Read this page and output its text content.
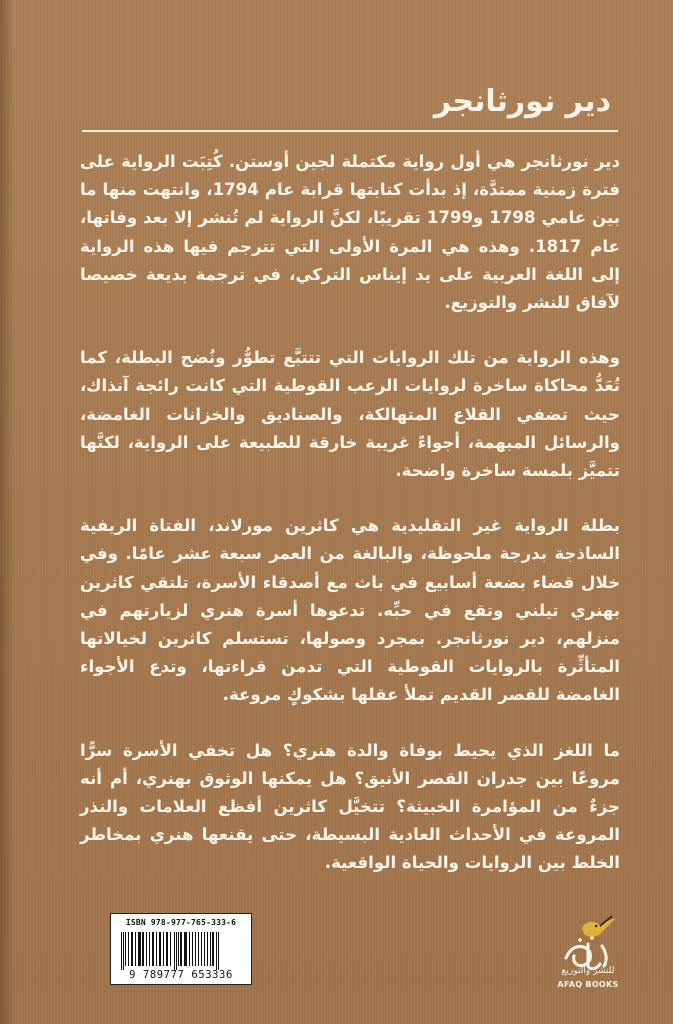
دير نورثانجر

دير نورثانجر هي أول رواية مكتملة لجين أوستن. كُتِبَت الرواية على فترة زمنية ممتدَّة، إذ بدأت كتابتها قرابة عام 1794، وانتهت منها ما بين عامي 1798 و1799 تقريبًا، لكنَّ الرواية لم تُنشر إلا بعد وفاتها، عام 1817. وهذه هي المرة الأولى التي تترجم فيها هذه الرواية إلى اللغة العربية على يد إيناس التركي، في ترجمة بديعة خصيصا لآفاق للنشر والتوزيع.

وهذه الرواية من تلك الروايات التي تتتبَّع تطوُّر ونُضج البطلة، كما تُعَدُّ محاكاة ساخرة لروايات الرعب القوطية التي كانت رائجة آنذاك، حيث تضفي القلاع المتهالكة، والصناديق والخزانات الغامضة، والرسائل المبهمة، أجواءً غريبة خارقة للطبيعة على الرواية، لكنَّها تتميَّز بلمسة ساخرة واضحة.

بطلة الرواية غير التقليدية هي كاثرين مورلاند، الفتاة الريفية الساذجة بدرجة ملحوظة، والبالغة من العمر سبعة عشر عامًا. وفي خلال قضاء بضعة أسابيع في باث مع أصدقاء الأسرة، تلتقي كاثرين بهنري تيلني وتقع في حبِّه. تدعوها أسرة هنري لزيارتهم في منزلهم، دير نورثانجر. بمجرد وصولها، تستسلم كاثرين لخيالاتها المتأثِّرة بالروايات القوطية التي تدمن قراءتها، وتدع الأجواء الغامضة للقصر القديم تملأ عقلها بشكوكٍ مروعة.

ما اللغز الذي يحيط بوفاة والدة هنري؟ هل تخفي الأسرة سرًّا مروعًا بين جدران القصر الأنيق؟ هل يمكنها الوثوق بهنري، أم أنه جزءٌ من المؤامرة الخبيثة؟ تتخيَّل كاثرين أفظع العلامات والنذر المروعة في الأحداث العادية البسيطة، حتى يقنعها هنري بمخاطر الخلط بين الروايات والحياة الواقعية.

ISBN 978-977-765-333-6
9 789777 653336	للنشر والتوزيع
AFAQ BOOKS
